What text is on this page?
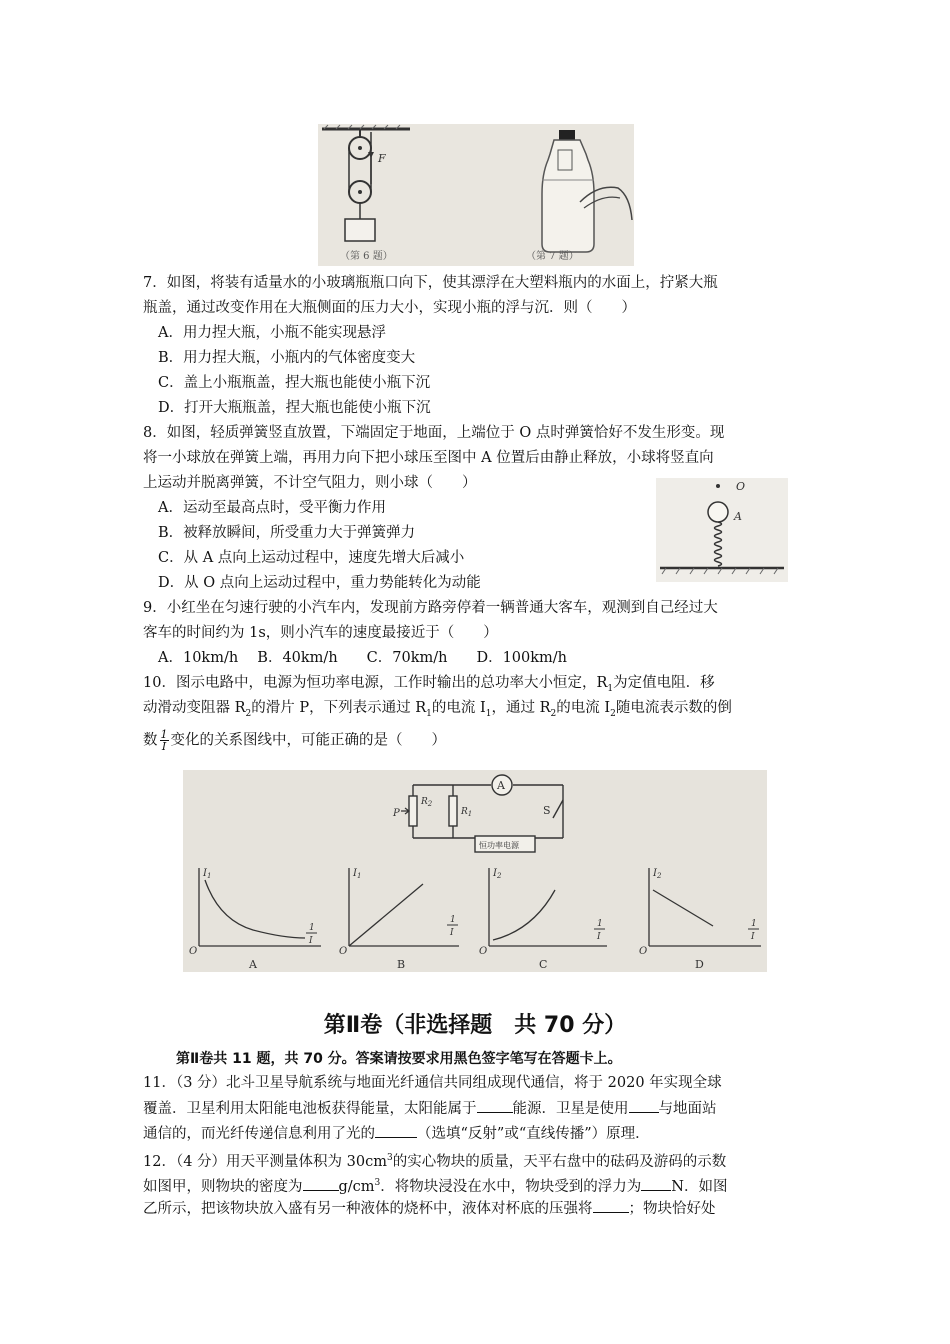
F
（第 6 题）	（第 7 题）
7．如图，将装有适量水的小玻璃瓶瓶口向下，使其漂浮在大塑料瓶内的水面上，拧紧大瓶
瓶盖，通过改变作用在大瓶侧面的压力大小，实现小瓶的浮与沉．则（　　）
A．用力捏大瓶，小瓶不能实现悬浮
B．用力捏大瓶，小瓶内的气体密度变大
C．盖上小瓶瓶盖，捏大瓶也能使小瓶下沉
D．打开大瓶瓶盖，捏大瓶也能使小瓶下沉
8．如图，轻质弹簧竖直放置，下端固定于地面，上端位于 O 点时弹簧恰好不发生形变。现
将一小球放在弹簧上端，再用力向下把小球压至图中 A 位置后由静止释放，小球将竖直向
上运动并脱离弹簧，不计空气阻力，则小球（　　）
A．运动至最高点时，受平衡力作用
B．被释放瞬间，所受重力大于弹簧弹力
C．从 A 点向上运动过程中，速度先增大后减小
D．从 O 点向上运动过程中，重力势能转化为动能
O
A
9．小红坐在匀速行驶的小汽车内，发现前方路旁停着一辆普通大客车，观测到自己经过大
客车的时间约为 1s，则小汽车的速度最接近于（　　）
A．10km/h　 B．40km/h　　C．70km/h　　D．100km/h
10．图示电路中，电源为恒功率电源，工作时输出的总功率大小恒定，$R_1$为定值电阻．移
动滑动变阻器 $R_2$的滑片 P，下列表示通过 $R_1$的电流 $I_1$，通过 $R_2$的电流 $I_2$随电流表示数的倒
数 $\frac{1}{I}$ 变化的关系图线中，可能正确的是（　　）
A
P
$R_2$
$R_1$	S
恒功率电源
$I_1$
1
I
O
A
$I_1$
1
I
O
B
$I_2$
1
I
O
C
$I_2$
1
I
O
D
第Ⅱ卷（非选择题　共 70 分）
第Ⅱ卷共 11 题，共 70 分。答案请按要求用黑色签字笔写在答题卡上。
11．（3 分）北斗卫星导航系统与地面光纤通信共同组成现代通信，将于 2020 年实现全球
覆盖．卫星利用太阳能电池板获得能量，太阳能属于 能源．卫星是使用 与地面站
通信的，而光纤传递信息利用了光的	（选填“反射”或“直线传播”）原理．
12．（4 分）用天平测量体积为 $30cm^3$的实心物块的质量，天平右盘中的砝码及游码的示数
如图甲，则物块的密度为 $g/cm^3$．将物块浸没在水中，物块受到的浮力为 N．如图
乙所示，把该物块放入盛有另一种液体的烧杯中，液体对杯底的压强将 ；物块恰好处
